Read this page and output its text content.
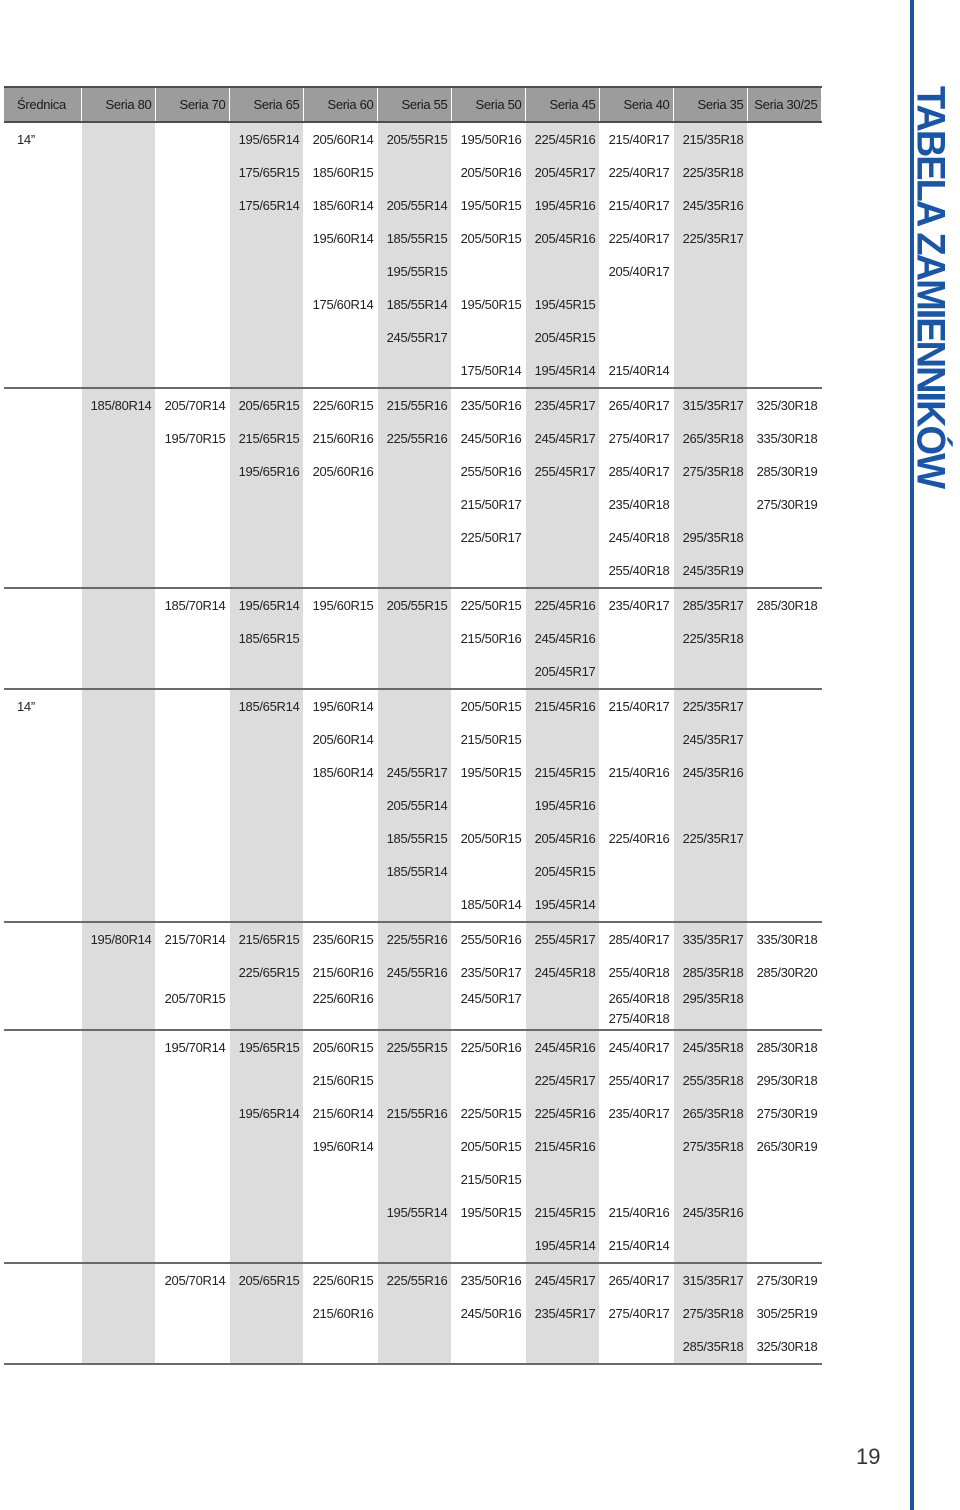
Średnica	Seria 80	Seria 70	Seria 65	Seria 60	Seria 55	Seria 50	Seria 45	Seria 40	Seria 35	Seria 30/25
14”			195/65R14	205/60R14	205/55R15	195/50R16	225/45R16	215/40R17	215/35R18	
			175/65R15	185/60R15		205/50R16	205/45R17	225/40R17	225/35R18	
			175/65R14	185/60R14	205/55R14	195/50R15	195/45R16	215/40R17	245/35R16	
				195/60R14	185/55R15	205/50R15	205/45R16	225/40R17	225/35R17	
					195/55R15			205/40R17		
				175/60R14	185/55R14	195/50R15	195/45R15			
					245/55R17		205/45R15			
						175/50R14	195/45R14	215/40R14		
	185/80R14	205/70R14	205/65R15	225/60R15	215/55R16	235/50R16	235/45R17	265/40R17	315/35R17	325/30R18
		195/70R15	215/65R15	215/60R16	225/55R16	245/50R16	245/45R17	275/40R17	265/35R18	335/30R18
			195/65R16	205/60R16		255/50R16	255/45R17	285/40R17	275/35R18	285/30R19
						215/50R17		235/40R18		275/30R19
						225/50R17		245/40R18	295/35R18	
								255/40R18	245/35R19	
		185/70R14	195/65R14	195/60R15	205/55R15	225/50R15	225/45R16	235/40R17	285/35R17	285/30R18
			185/65R15			215/50R16	245/45R16		225/35R18	
							205/45R17			
14”			185/65R14	195/60R14		205/50R15	215/45R16	215/40R17	225/35R17	
				205/60R14		215/50R15			245/35R17	
				185/60R14	245/55R17	195/50R15	215/45R15	215/40R16	245/35R16	
					205/55R14		195/45R16			
					185/55R15	205/50R15	205/45R16	225/40R16	225/35R17	
					185/55R14		205/45R15			
						185/50R14	195/45R14			
	195/80R14	215/70R14	215/65R15	235/60R15	225/55R16	255/50R16	255/45R17	285/40R17	335/35R17	335/30R18
			225/65R15	215/60R16	245/55R16	235/50R17	245/45R18	255/40R18	285/35R18	285/30R20
		205/70R15		225/60R16		245/50R17		265/40R18	295/35R18	
								275/40R18		
		195/70R14	195/65R15	205/60R15	225/55R15	225/50R16	245/45R16	245/40R17	245/35R18	285/30R18
				215/60R15			225/45R17	255/40R17	255/35R18	295/30R18
			195/65R14	215/60R14	215/55R16	225/50R15	225/45R16	235/40R17	265/35R18	275/30R19
				195/60R14		205/50R15	215/45R16		275/35R18	265/30R19
						215/50R15				
					195/55R14	195/50R15	215/45R15	215/40R16	245/35R16	
							195/45R14	215/40R14		
		205/70R14	205/65R15	225/60R15	225/55R16	235/50R16	245/45R17	265/40R17	315/35R17	275/30R19
				215/60R16		245/50R16	235/45R17	275/40R17	275/35R18	305/25R19
									285/35R18	325/30R18
TABELA ZAMIENNIKÓW
19
